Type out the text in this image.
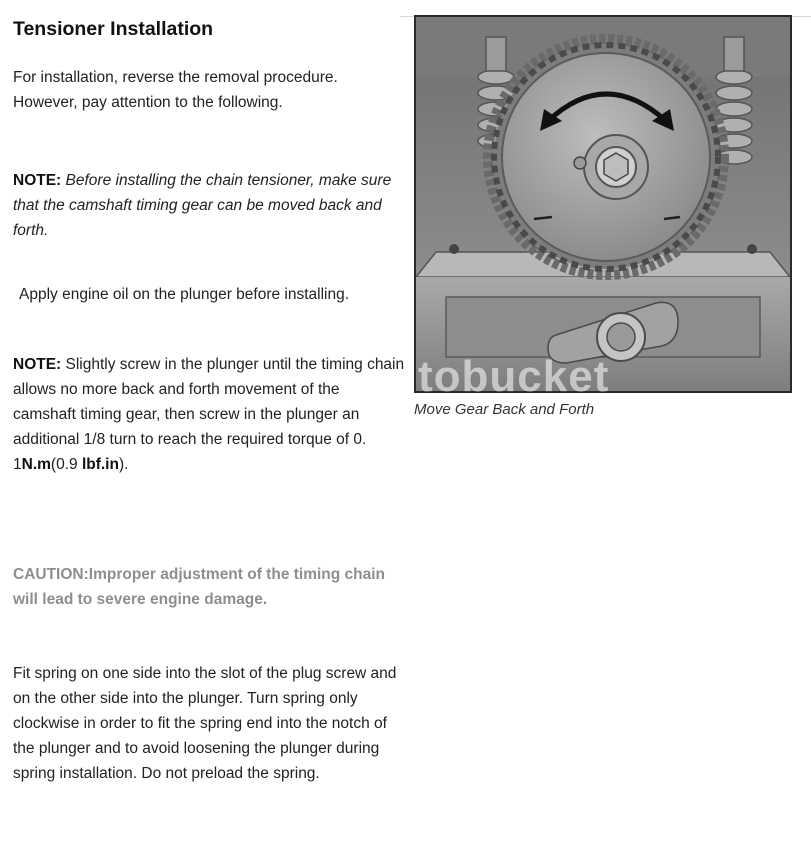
Tensioner Installation
For installation, reverse the removal procedure. However, pay attention to the following.
NOTE: Before installing the chain tensioner, make sure that the camshaft timing gear can be moved back and forth.
Apply engine oil on the plunger before installing.
NOTE: Slightly screw in the plunger until the timing chain allows no more back and forth movement of the camshaft timing gear, then screw in the plunger an additional 1/8 turn to reach the required torque of 0. 1N.m(0.9 lbf.in).
CAUTION:Improper adjustment of the timing chain will lead to severe engine damage.
Fit spring on one side into the slot of the plug screw and on the other side into the plunger. Turn spring only clockwise in order to fit the spring end into the notch of the plunger and to avoid loosening the plunger during spring installation. Do not preload the spring.
tobucket
Move Gear Back and Forth
